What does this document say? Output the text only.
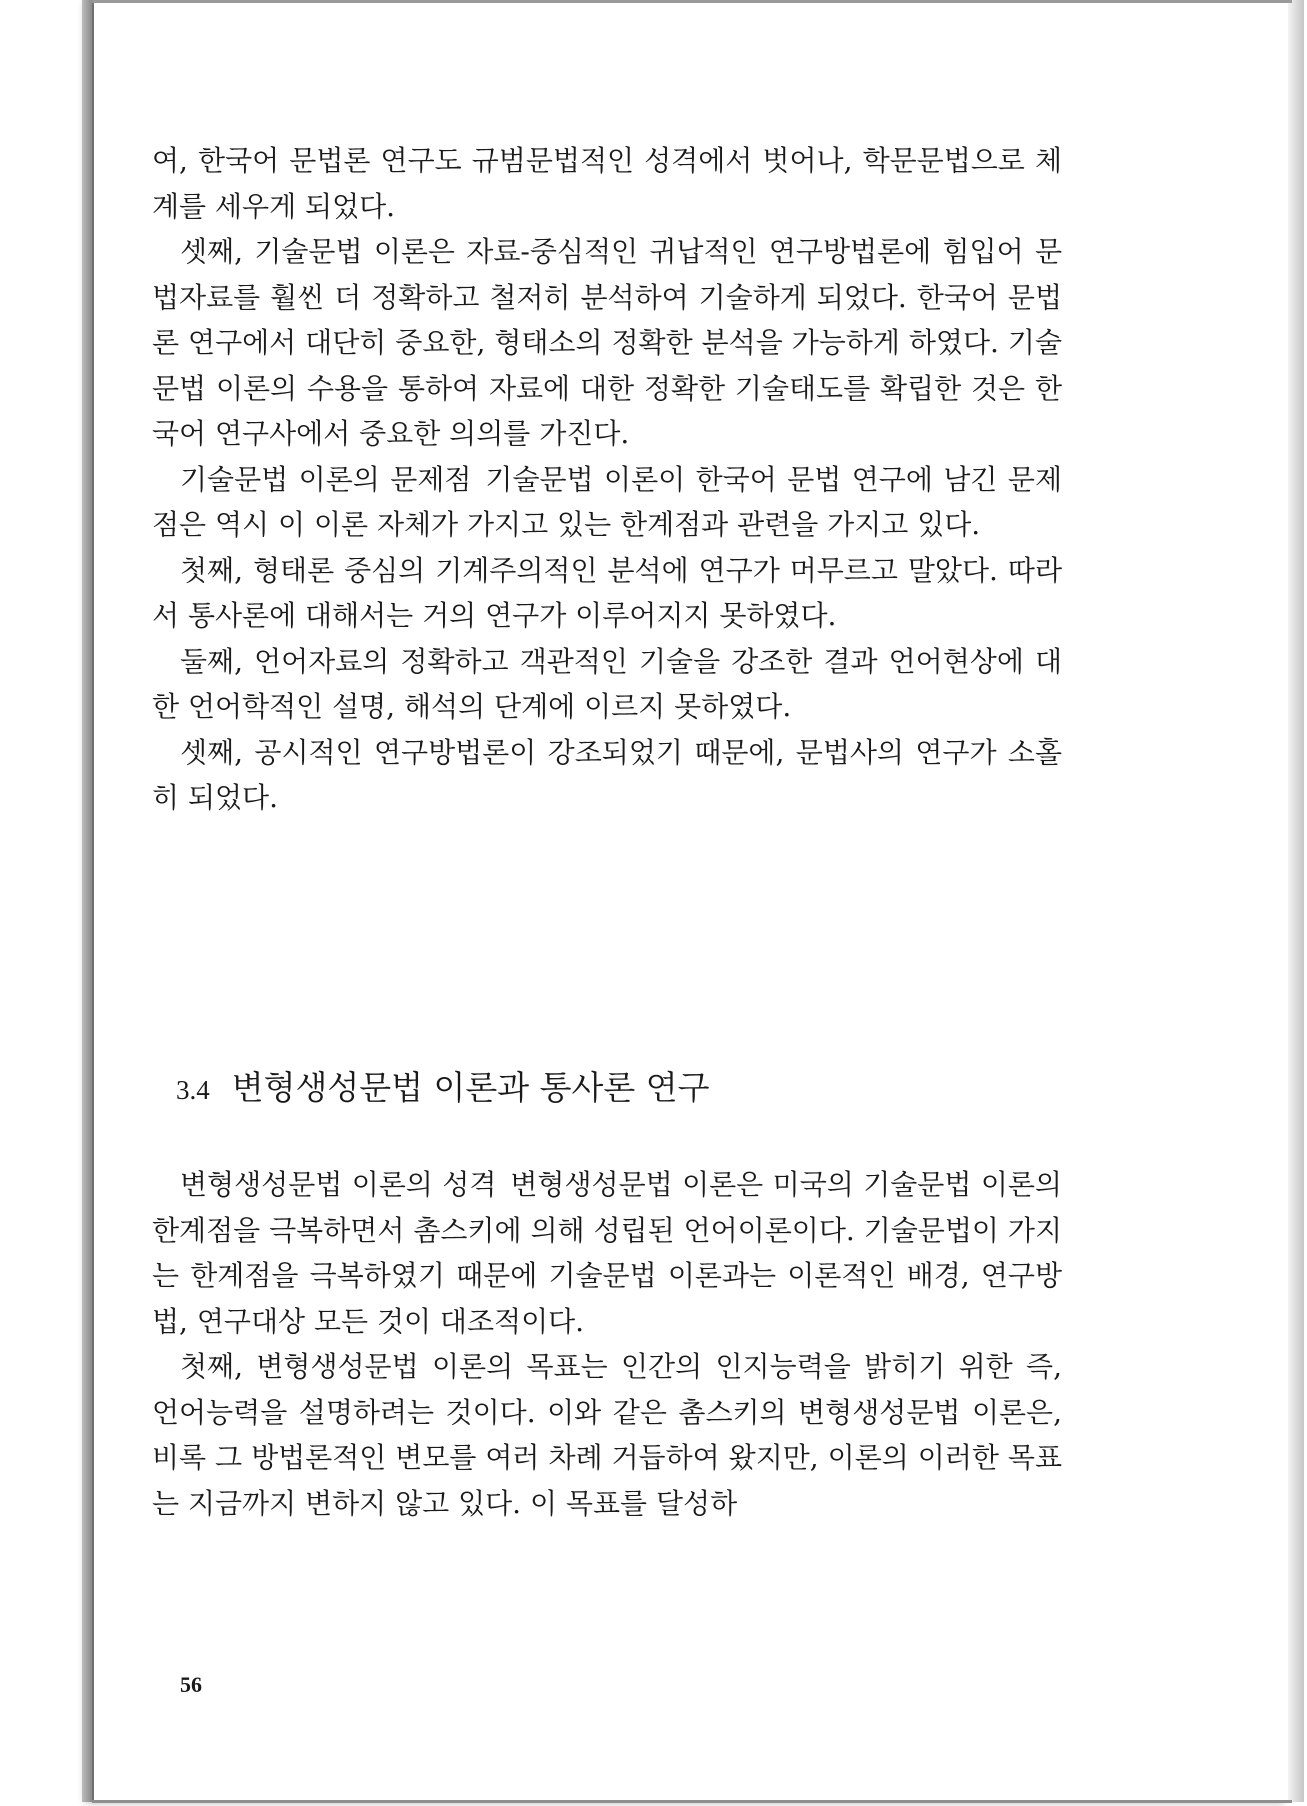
여, 한국어 문법론 연구도 규범문법적인 성격에서 벗어나, 학문문법으로 체계를 세우게 되었다.

셋째, 기술문법 이론은 자료-중심적인 귀납적인 연구방법론에 힘입어 문법자료를 훨씬 더 정확하고 철저히 분석하여 기술하게 되었다. 한국어 문법론 연구에서 대단히 중요한, 형태소의 정확한 분석을 가능하게 하였다. 기술문법 이론의 수용을 통하여 자료에 대한 정확한 기술태도를 확립한 것은 한국어 연구사에서 중요한 의의를 가진다.

기술문법 이론의 문제점 기술문법 이론이 한국어 문법 연구에 남긴 문제점은 역시 이 이론 자체가 가지고 있는 한계점과 관련을 가지고 있다.

첫째, 형태론 중심의 기계주의적인 분석에 연구가 머무르고 말았다. 따라서 통사론에 대해서는 거의 연구가 이루어지지 못하였다.

둘째, 언어자료의 정확하고 객관적인 기술을 강조한 결과 언어현상에 대한 언어학적인 설명, 해석의 단계에 이르지 못하였다.

셋째, 공시적인 연구방법론이 강조되었기 때문에, 문법사의 연구가 소홀히 되었다.

3.4 변형생성문법 이론과 통사론 연구

변형생성문법 이론의 성격 변형생성문법 이론은 미국의 기술문법 이론의 한계점을 극복하면서 촘스키에 의해 성립된 언어이론이다. 기술문법이 가지는 한계점을 극복하였기 때문에 기술문법 이론과는 이론적인 배경, 연구방법, 연구대상 모든 것이 대조적이다.

첫째, 변형생성문법 이론의 목표는 인간의 인지능력을 밝히기 위한 즉, 언어능력을 설명하려는 것이다. 이와 같은 촘스키의 변형생성문법 이론은, 비록 그 방법론적인 변모를 여러 차례 거듭하여 왔지만, 이론의 이러한 목표는 지금까지 변하지 않고 있다. 이 목표를 달성하

56
